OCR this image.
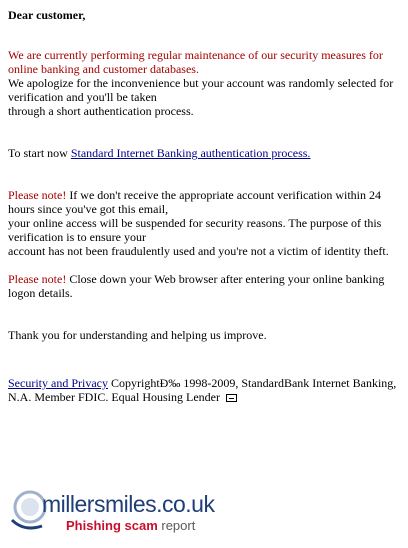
Dear customer,

We are currently performing regular maintenance of our security measures for online banking and customer databases.

We apologize for the inconvenience but your account was randomly selected for verification and you'll be taken
through a short authentication process.

To start now Standard Internet Banking authentication process.

Please note! If we don't receive the appropriate account verification within 24 hours since you've got this email,
your online access will be suspended for security reasons. The purpose of this verification is to ensure your
account has not been fraudulently used and you're not a victim of identity theft.

Please note! Close down your Web browser after entering your online banking logon details.

Thank you for understanding and helping us improve.

Security and Privacy CopyrightĐ‰ 1998-2009, StandardBank Internet Banking, N.A. Member FDIC. Equal Housing Lender

millersmiles.co.uk
Phishing scam report
